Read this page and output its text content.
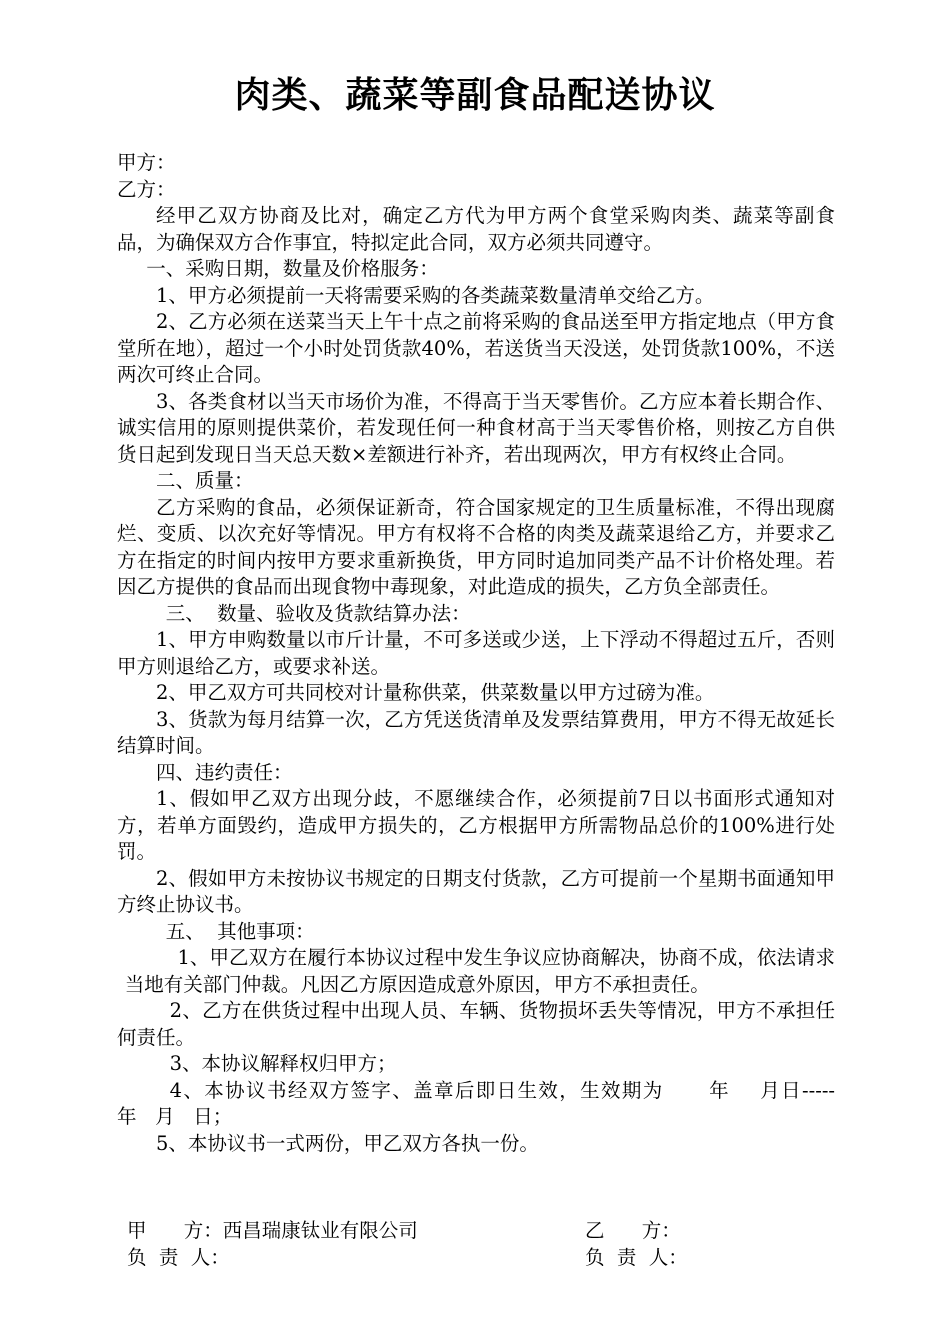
肉类、蔬菜等副食品配送协议

甲方：

乙方：

经甲乙双方协商及比对，确定乙方代为甲方两个食堂采购肉类、蔬菜等副食品，为确保双方合作事宜，特拟定此合同，双方必须共同遵守。

一、采购日期，数量及价格服务：

1、甲方必须提前一天将需要采购的各类蔬菜数量清单交给乙方。

2、乙方必须在送菜当天上午十点之前将采购的食品送至甲方指定地点（甲方食堂所在地），超过一个小时处罚货款40%，若送货当天没送，处罚货款100%，不送两次可终止合同。

3、各类食材以当天市场价为准，不得高于当天零售价。乙方应本着长期合作、诚实信用的原则提供菜价，若发现任何一种食材高于当天零售价格，则按乙方自供货日起到发现日当天总天数×差额进行补齐，若出现两次，甲方有权终止合同。

二、质量：

乙方采购的食品，必须保证新奇，符合国家规定的卫生质量标准，不得出现腐烂、变质、以次充好等情况。甲方有权将不合格的肉类及蔬菜退给乙方，并要求乙方在指定的时间内按甲方要求重新换货，甲方同时追加同类产品不计价格处理。若因乙方提供的食品而出现食物中毒现象，对此造成的损失，乙方负全部责任。

三、  数量、验收及货款结算办法：

1、甲方申购数量以市斤计量，不可多送或少送，上下浮动不得超过五斤，否则甲方则退给乙方，或要求补送。

2、甲乙双方可共同校对计量称供菜，供菜数量以甲方过磅为准。

3、货款为每月结算一次，乙方凭送货清单及发票结算费用，甲方不得无故延长结算时间。

四、违约责任：

1、假如甲乙双方出现分歧，不愿继续合作，必须提前7日以书面形式通知对方，若单方面毁约，造成甲方损失的，乙方根据甲方所需物品总价的100%进行处罚。

2、假如甲方未按协议书规定的日期支付货款，乙方可提前一个星期书面通知甲方终止协议书。

五、  其他事项：

1、甲乙双方在履行本协议过程中发生争议应协商解决，协商不成，依法请求当地有关部门仲裁。凡因乙方原因造成意外原因，甲方不承担责任。

2、乙方在供货过程中出现人员、车辆、货物损坏丢失等情况，甲方不承担任何责任。

3、本协议解释权归甲方；

4、本协议书经双方签字、盖章后即日生效，生效期为      年    月日-----      年   月   日；

5、本协议书一式两份，甲乙双方各执一份。

甲      方：西昌瑞康钛业有限公司
负  责  人：
乙      方：
负  责  人：
